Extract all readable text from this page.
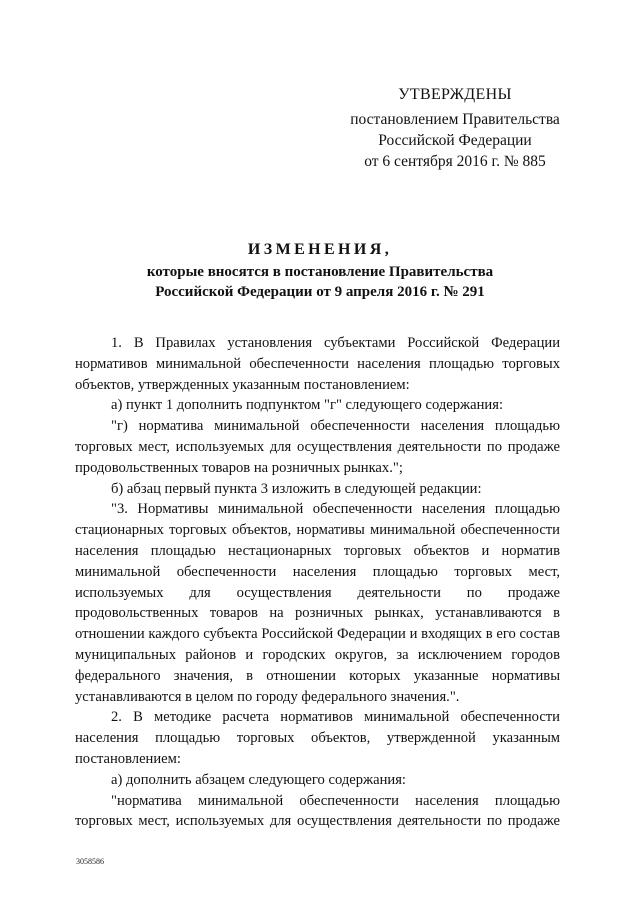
УТВЕРЖДЕНЫ
постановлением Правительства
Российской Федерации
от 6 сентября 2016 г. № 885
ИЗМЕНЕНИЯ,
которые вносятся в постановление Правительства
Российской Федерации от 9 апреля 2016 г. № 291

1. В Правилах установления субъектами Российской Федерации нормативов минимальной обеспеченности населения площадью торговых объектов, утвержденных указанным постановлением:

а) пункт 1 дополнить подпунктом "г" следующего содержания:

"г) норматива минимальной обеспеченности населения площадью торговых мест, используемых для осуществления деятельности по продаже продовольственных товаров на розничных рынках.";

б) абзац первый пункта 3 изложить в следующей редакции:

"3. Нормативы минимальной обеспеченности населения площадью стационарных торговых объектов, нормативы минимальной обеспеченности населения площадью нестационарных торговых объектов и норматив минимальной обеспеченности населения площадью торговых мест, используемых для осуществления деятельности по продаже продовольственных товаров на розничных рынках, устанавливаются в отношении каждого субъекта Российской Федерации и входящих в его состав муниципальных районов и городских округов, за исключением городов федерального значения, в отношении которых указанные нормативы устанавливаются в целом по городу федерального значения.".

2. В методике расчета нормативов минимальной обеспеченности населения площадью торговых объектов, утвержденной указанным постановлением:

а) дополнить абзацем следующего содержания:

"норматива минимальной обеспеченности населения площадью торговых мест, используемых для осуществления деятельности по продаже

3058586
